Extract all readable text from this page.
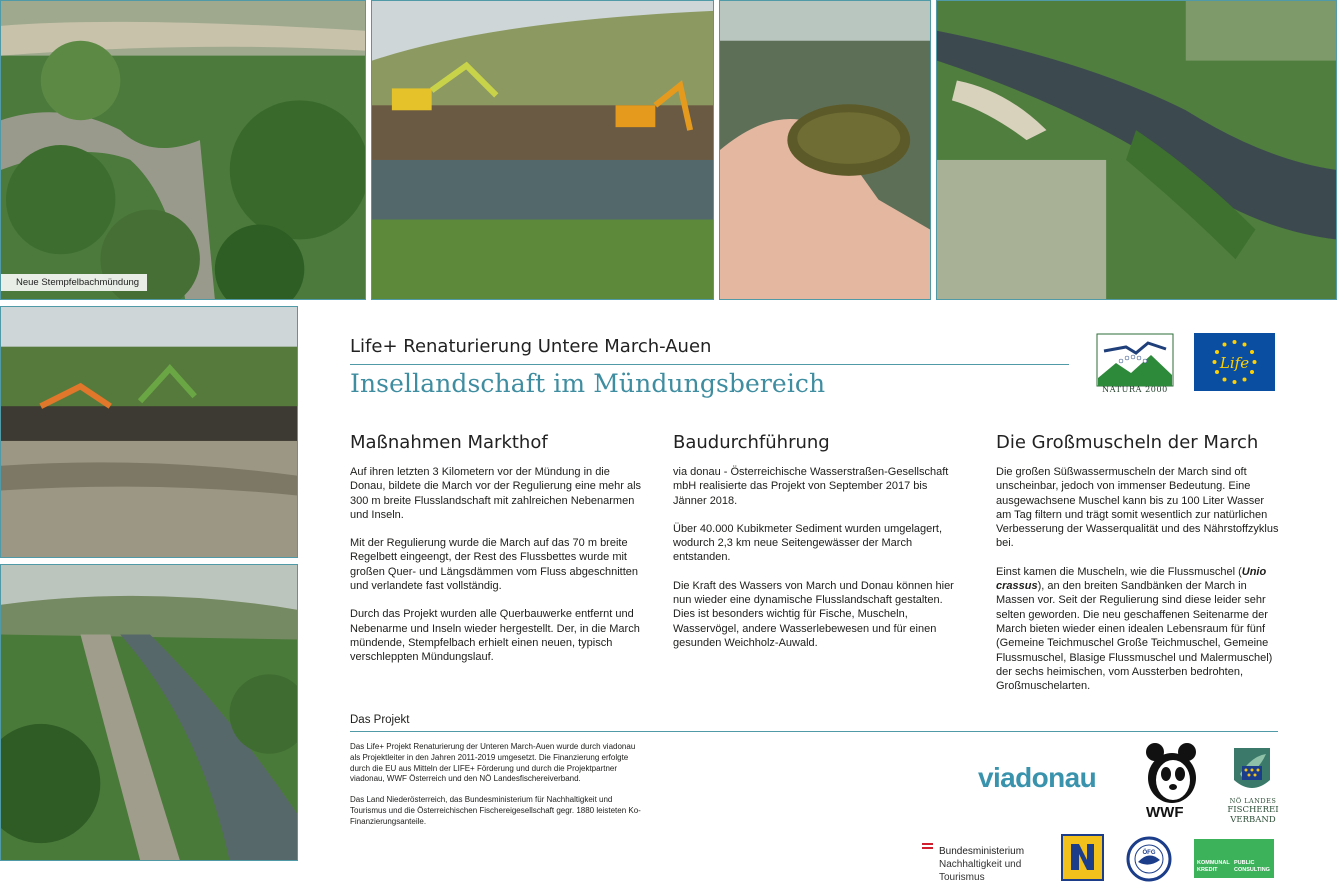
Neue Stempfelbachmündung
Life+ Renaturierung Untere March-Auen
Insellandschaft im Mündungsbereich	NATURA 2000
Life
Maßnahmen Markthof

Auf ihren letzten 3 Kilometern vor der Mündung in die Donau, bildete die March vor der Regulierung eine mehr als 300 m breite Flusslandschaft mit zahlreichen Nebenarmen und Inseln.

Mit der Regulierung wurde die March auf das 70 m breite Regelbett eingeengt, der Rest des Flussbettes wurde mit großen Quer- und Längsdämmen vom Fluss abgeschnitten und verlandete fast vollständig.

Durch das Projekt wurden alle Querbauwerke entfernt und Nebenarme und Inseln wieder hergestellt. Der, in die March mündende, Stempfelbach erhielt einen neuen, typisch verschleppten Mündungslauf.

Baudurchführung

via donau - Österreichische Wasserstraßen-Gesellschaft mbH realisierte das Projekt von September 2017 bis Jänner 2018.

Über 40.000 Kubikmeter Sediment wurden umgelagert, wodurch 2,3 km neue Seitengewässer der March entstanden.

Die Kraft des Wassers von March und Donau können hier nun wieder eine dynamische Flusslandschaft gestalten. Dies ist besonders wichtig für Fische, Muscheln, Wasservögel, andere Wasserlebewesen und für einen gesunden Weichholz-Auwald.

Die Großmuscheln der March

Die großen Süßwassermuscheln der March sind oft unscheinbar, jedoch von immenser Bedeutung. Eine ausgewachsene Muschel kann bis zu 100 Liter Wasser am Tag filtern und trägt somit wesentlich zur natürlichen Verbesserung der Wasserqualität und des Nährstoffzyklus bei.

Einst kamen die Muscheln, wie die Flussmuschel (Unio crassus), an den breiten Sandbänken der March in Massen vor. Seit der Regulierung sind diese leider sehr selten geworden. Die neu geschaffenen Seitenarme der March bieten wieder einen idealen Lebensraum für fünf (Gemeine Teichmuschel Große Teichmuschel, Gemeine Flussmuschel, Blasige Flussmuschel und Malermuschel) der sechs heimischen, vom Aussterben bedrohten, Großmuschelarten.

Das Projekt

Das Life+ Projekt Renaturierung der Unteren March-Auen wurde durch viadonau als Projektleiter in den Jahren 2011-2019 umgesetzt. Die Finanzierung erfolgte durch die EU aus Mitteln der LIFE+ Förderung und durch die Projektpartner viadonau, WWF Österreich und den NÖ Landesfischereiverband.

Das Land Niederösterreich, das Bundesministerium für Nachhaltigkeit und Tourismus und die Österreichischen Fischereigesellschaft gegr. 1880 leisteten Ko-Finanzierungsanteile.

viadonau
WWF
NÖ LANDES
FISCHEREI
VERBAND
Bundesministerium
Nachhaltigkeit und
Tourismus
ÖFG
KOMMUNAL
KREDIT
PUBLIC
CONSULTING
